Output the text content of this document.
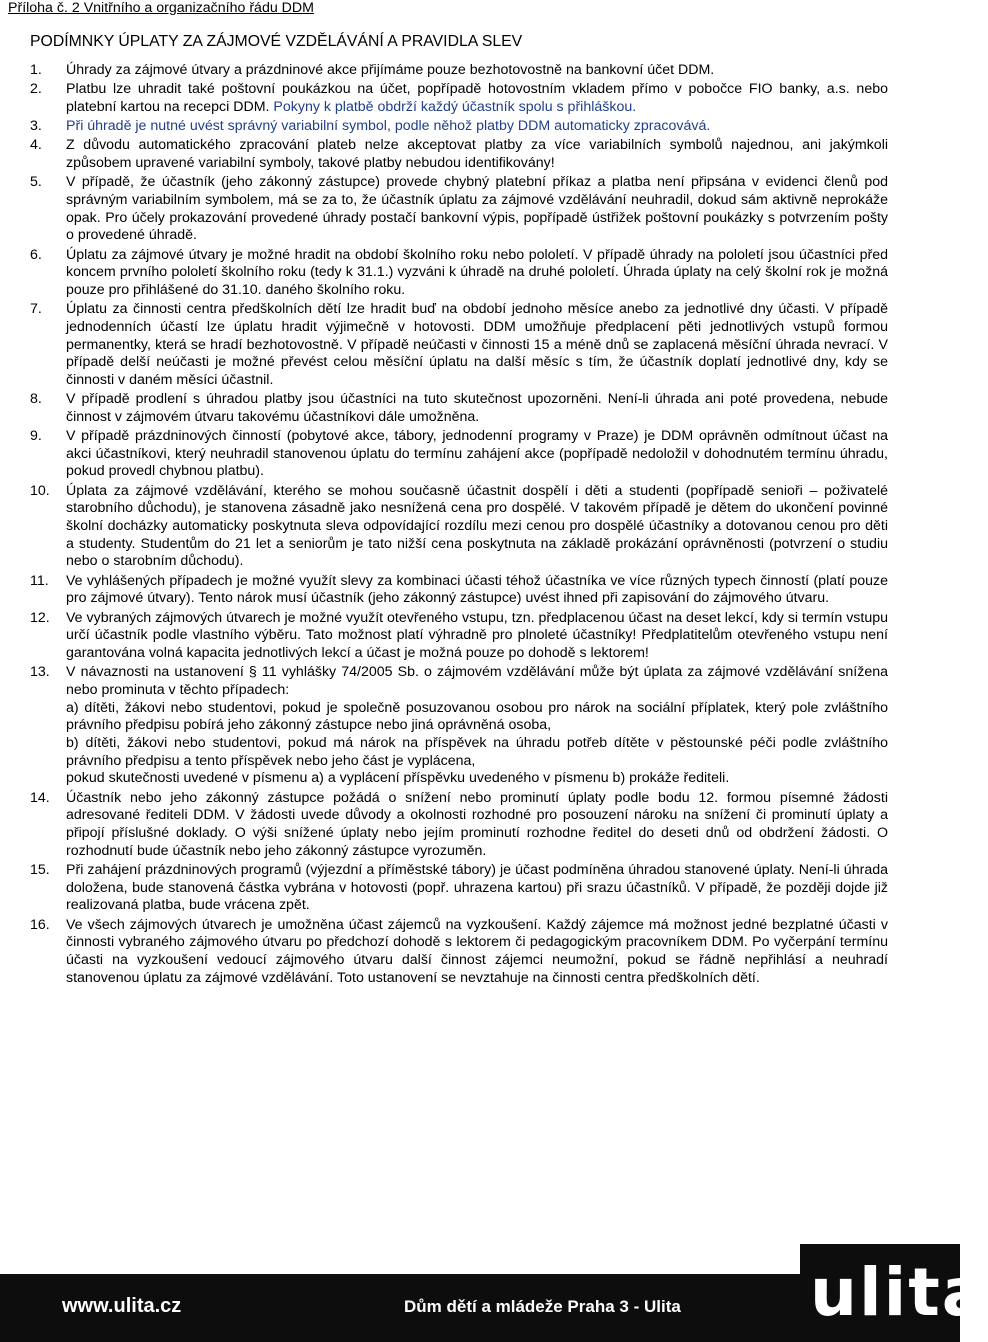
Příloha č. 2 Vnitřního a organizačního řádu DDM
PODÍMNKY ÚPLATY ZA ZÁJMOVÉ VZDĚLÁVÁNÍ A PRAVIDLA SLEV
1.	Úhrady za zájmové útvary a prázdninové akce přijímáme pouze bezhotovostně na bankovní účet DDM.
2.	Platbu lze uhradit také poštovní poukázkou na účet, popřípadě hotovostním vkladem přímo v pobočce FIO banky, a.s. nebo platební kartou na recepci DDM. Pokyny k platbě obdrží každý účastník spolu s přihláškou.
3.	Při úhradě je nutné uvést správný variabilní symbol, podle něhož platby DDM automaticky zpracovává.
4.	Z důvodu automatického zpracování plateb nelze akceptovat platby za více variabilních symbolů najednou, ani jakýmkoli způsobem upravené variabilní symboly, takové platby nebudou identifikovány!
5.	V případě, že účastník (jeho zákonný zástupce) provede chybný platební příkaz a platba není připsána v evidenci členů pod správným variabilním symbolem, má se za to, že účastník úplatu za zájmové vzdělávání neuhradil, dokud sám aktivně neprokáže opak. Pro účely prokazování provedené úhrady postačí bankovní výpis, popřípadě ústřižek poštovní poukázky s potvrzením pošty o provedené úhradě.
6.	Úplatu za zájmové útvary je možné hradit na období školního roku nebo pololetí. V případě úhrady na pololetí jsou účastníci před koncem prvního pololetí školního roku (tedy k 31.1.) vyzváni k úhradě na druhé pololetí. Úhrada úplaty na celý školní rok je možná pouze pro přihlášené do 31.10. daného školního roku.
7.	Úplatu za činnosti centra předškolních dětí lze hradit buď na období jednoho měsíce anebo za jednotlivé dny účasti. V případě jednodenních účastí lze úplatu hradit výjimečně v hotovosti. DDM umožňuje předplacení pěti jednotlivých vstupů formou permanentky, která se hradí bezhotovostně. V případě neúčasti v činnosti 15 a méně dnů se zaplacená měsíční úhrada nevrací. V případě delší neúčasti je možné převést celou měsíční úplatu na další měsíc s tím, že účastník doplatí jednotlivé dny, kdy se činnosti v daném měsíci účastnil.
8.	V případě prodlení s úhradou platby jsou účastníci na tuto skutečnost upozorněni. Není-li úhrada ani poté provedena, nebude činnost v zájmovém útvaru takovému účastníkovi dále umožněna.
9.	V případě prázdninových činností (pobytové akce, tábory, jednodenní programy v Praze) je DDM oprávněn odmítnout účast na akci účastníkovi, který neuhradil stanovenou úplatu do termínu zahájení akce (popřípadě nedoložil v dohodnutém termínu úhradu, pokud provedl chybnou platbu).
10.	Úplata za zájmové vzdělávání, kterého se mohou současně účastnit dospělí i děti a studenti (popřípadě senioři – poživatelé starobního důchodu), je stanovena zásadně jako nesnížená cena pro dospělé. V takovém případě je dětem do ukončení povinné školní docházky automaticky poskytnuta sleva odpovídající rozdílu mezi cenou pro dospělé účastníky a dotovanou cenou pro děti a studenty. Studentům do 21 let a seniorům je tato nižší cena poskytnuta na základě prokázání oprávněnosti (potvrzení o studiu nebo o starobním důchodu).
11.	Ve vyhlášených případech je možné využít slevy za kombinaci účasti téhož účastníka ve více různých typech činností (platí pouze pro zájmové útvary). Tento nárok musí účastník (jeho zákonný zástupce) uvést ihned při zapisování do zájmového útvaru.
12.	Ve vybraných zájmových útvarech je možné využít otevřeného vstupu, tzn. předplacenou účast na deset lekcí, kdy si termín vstupu určí účastník podle vlastního výběru. Tato možnost platí výhradně pro plnoleté účastníky! Předplatitelům otevřeného vstupu není garantována volná kapacita jednotlivých lekcí a účast je možná pouze po dohodě s lektorem!
13.	V návaznosti na ustanovení § 11 vyhlášky 74/2005 Sb. o zájmovém vzdělávání může být úplata za zájmové vzdělávání snížena nebo prominuta v těchto případech:
a) dítěti, žákovi nebo studentovi, pokud je společně posuzovanou osobou pro nárok na sociální příplatek, který pole zvláštního právního předpisu pobírá jeho zákonný zástupce nebo jiná oprávněná osoba,
b) dítěti, žákovi nebo studentovi, pokud má nárok na příspěvek na úhradu potřeb dítěte v pěstounské péči podle zvláštního právního předpisu a tento příspěvek nebo jeho část je vyplácena,
pokud skutečnosti uvedené v písmenu a) a vyplácení příspěvku uvedeného v písmenu b) prokáže řediteli.
14.	Účastník nebo jeho zákonný zástupce požádá o snížení nebo prominutí úplaty podle bodu 12. formou písemné žádosti adresované řediteli DDM. V žádosti uvede důvody a okolnosti rozhodné pro posouzení nároku na snížení či prominutí úplaty a připojí příslušné doklady. O výši snížené úplaty nebo jejím prominutí rozhodne ředitel do deseti dnů od obdržení žádosti. O rozhodnutí bude účastník nebo jeho zákonný zástupce vyrozuměn.
15.	Při zahájení prázdninových programů (výjezdní a příměstské tábory) je účast podmíněna úhradou stanovené úplaty. Není-li úhrada doložena, bude stanovená částka vybrána v hotovosti (popř. uhrazena kartou) při srazu účastníků. V případě, že později dojde již realizovaná platba, bude vrácena zpět.
16.	Ve všech zájmových útvarech je umožněna účast zájemců na vyzkoušení. Každý zájemce má možnost jedné bezplatné účasti v činnosti vybraného zájmového útvaru po předchozí dohodě s lektorem či pedagogickým pracovníkem DDM. Po vyčerpání termínu účasti na vyzkoušení vedoucí zájmového útvaru další činnost zájemci neumožní, pokud se řádně nepřihlásí a neuhradí stanovenou úplatu za zájmové vzdělávání. Toto ustanovení se nevztahuje na činnosti centra předškolních dětí.
www.ulita.cz	Dům dětí a mládeže Praha 3 - Ulita ulita
